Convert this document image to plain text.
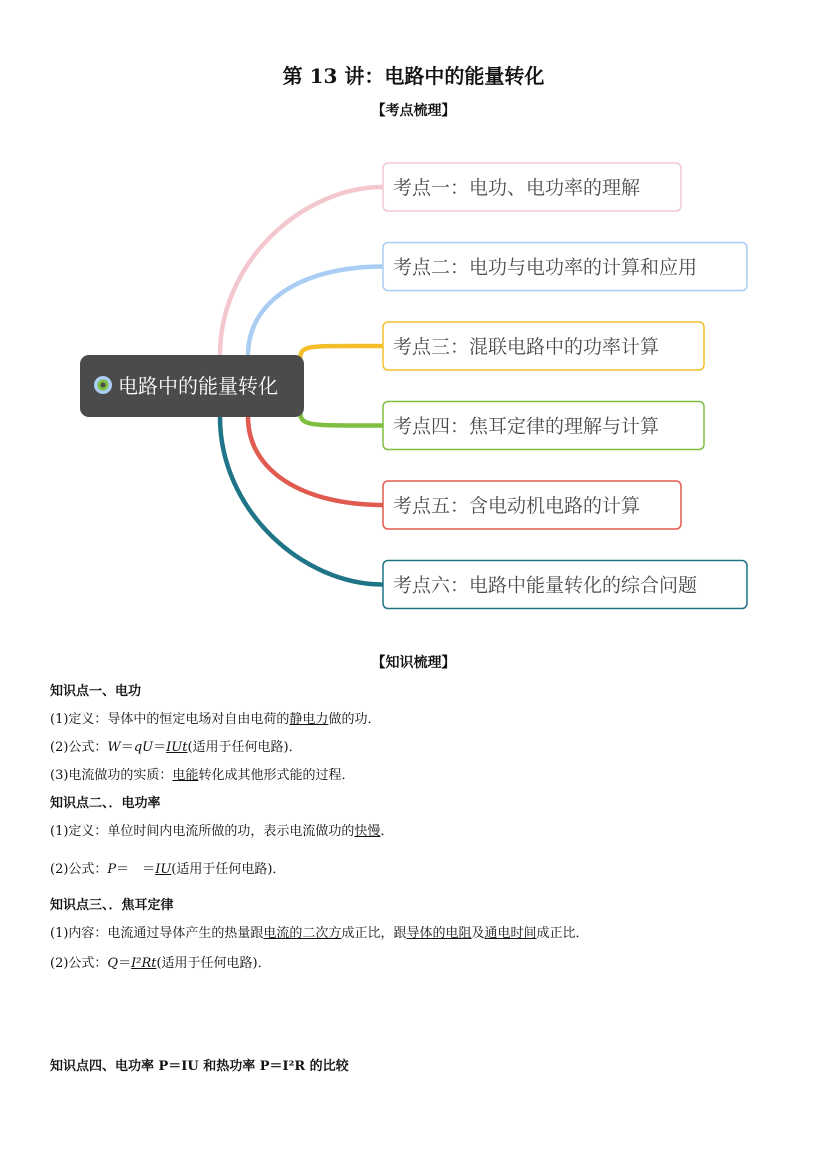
第 13 讲：电路中的能量转化
【考点梳理】
电路中的能量转化
考点一：电功、电功率的理解
考点二：电功与电功率的计算和应用
考点三：混联电路中的功率计算
考点四：焦耳定律的理解与计算
考点五：含电动机电路的计算
考点六：电路中能量转化的综合问题
【知识梳理】
知识点一、电功
(1)定义：导体中的恒定电场对自由电荷的静电力做的功．
(2)公式：W＝qU＝IUt(适用于任何电路)．
(3)电流做功的实质：电能转化成其他形式能的过程．
知识点二、．电功率
(1)定义：单位时间内电流所做的功，表示电流做功的快慢．
(2)公式：P＝　＝IU(适用于任何电路)．
知识点三、．焦耳定律
(1)内容：电流通过导体产生的热量跟电流的二次方成正比，跟导体的电阻及通电时间成正比．
(2)公式：Q＝I²Rt(适用于任何电路)．
知识点四、电功率 P＝IU 和热功率 P＝I²R 的比较
